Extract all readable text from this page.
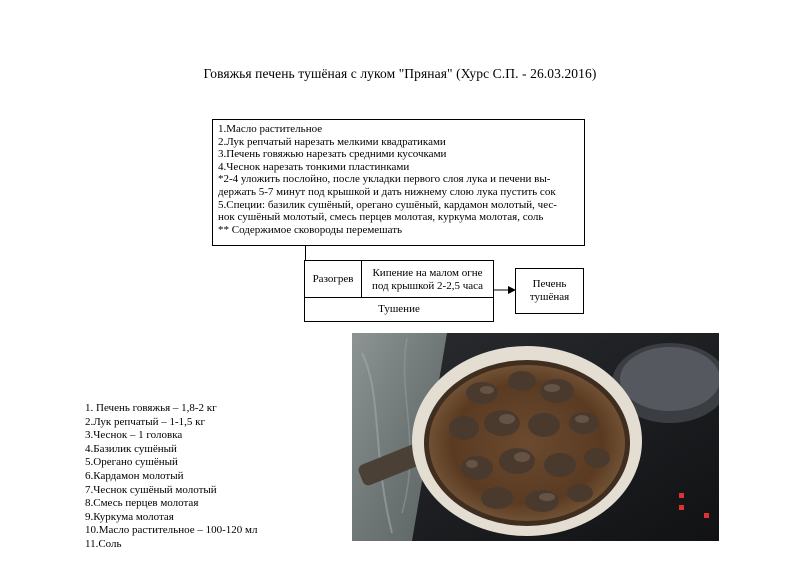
Говяжья печень тушёная с луком "Пряная" (Хурс С.П. - 26.03.2016)
1.Масло растительное
2.Лук репчатый нарезать мелкими квадратиками
3.Печень говяжью нарезать средними кусочками
4.Чеснок нарезать тонкими пластинками
*2-4 уложить послойно, после укладки первого слоя лука и печени вы-
держать 5-7 минут под крышкой и дать нижнему слою лука пустить сок
5.Специи: базилик сушёный, орегано сушёный, кардамон молотый, чес-
нок сушёный молотый, смесь перцев молотая, куркума молотая, соль
** Содержимое сковороды перемешать
Разогрев	Кипение на малом огне
под крышкой 2-2,5 часа
Тушение
Печень
тушёная
1. Печень говяжья – 1,8-2 кг
2.Лук репчатый – 1-1,5 кг
3.Чеснок – 1 головка
4.Базилик сушёный
5.Орегано сушёный
6.Кардамон молотый
7.Чеснок сушёный молотый
8.Смесь перцев молотая
9.Куркума молотая
10.Масло растительное – 100-120 мл
11.Соль
